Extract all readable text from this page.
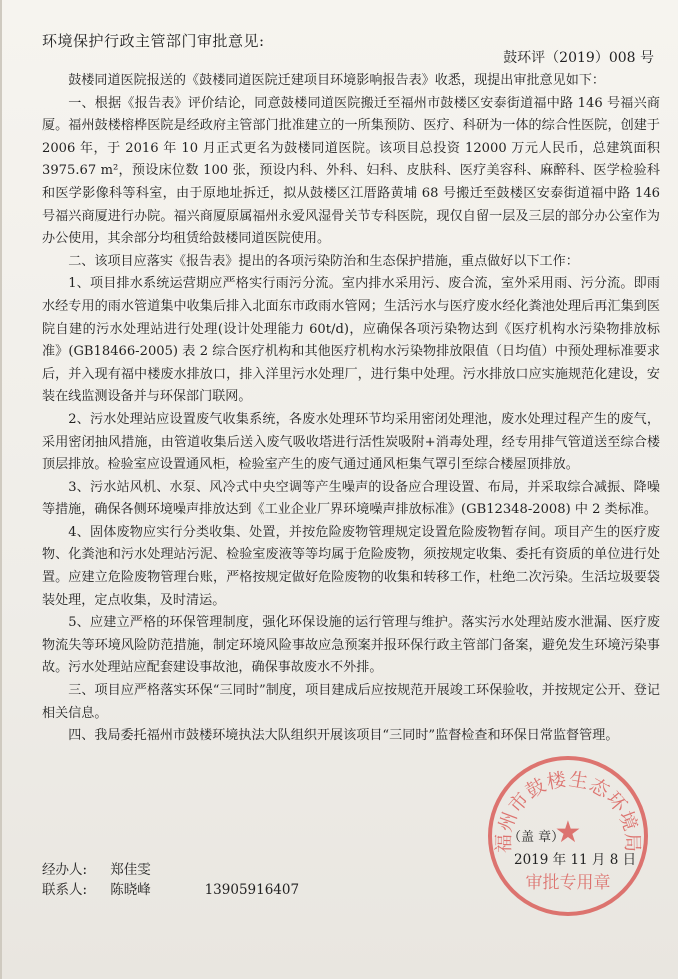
环境保护行政主管部门审批意见:
鼓环评（2019）008 号

鼓楼同道医院报送的《鼓楼同道医院迁建项目环境影响报告表》收悉，现提出审批意见如下：

一、根据《报告表》评价结论，同意鼓楼同道医院搬迁至福州市鼓楼区安泰街道福中路 146 号福兴商厦。福州鼓楼榕桦医院是经政府主管部门批准建立的一所集预防、医疗、科研为一体的综合性医院，创建于 2006 年，于 2016 年 10 月正式更名为鼓楼同道医院。该项目总投资 12000 万元人民币，总建筑面积 3975.67 m²，预设床位数 100 张，预设内科、外科、妇科、皮肤科、医疗美容科、麻醉科、医学检验科和医学影像科等科室，由于原地址拆迁，拟从鼓楼区江厝路黄埔 68 号搬迁至鼓楼区安泰街道福中路 146 号福兴商厦进行办院。福兴商厦原属福州永爱风湿骨关节专科医院，现仅自留一层及三层的部分办公室作为办公使用，其余部分均租赁给鼓楼同道医院使用。

二、该项目应落实《报告表》提出的各项污染防治和生态保护措施，重点做好以下工作：

1、项目排水系统运营期应严格实行雨污分流。室内排水采用污、废合流，室外采用雨、污分流。即雨水经专用的雨水管道集中收集后排入北面东市政雨水管网；生活污水与医疗废水经化粪池处理后再汇集到医院自建的污水处理站进行处理(设计处理能力 60t/d)，应确保各项污染物达到《医疗机构水污染物排放标准》(GB18466-2005) 表 2 综合医疗机构和其他医疗机构水污染物排放限值（日均值）中预处理标准要求后，并入现有福中楼废水排放口，排入洋里污水处理厂，进行集中处理。污水排放口应实施规范化建设，安装在线监测设备并与环保部门联网。

2、污水处理站应设置废气收集系统，各废水处理环节均采用密闭处理池，废水处理过程产生的废气，采用密闭抽风措施，由管道收集后送入废气吸收塔进行活性炭吸附+消毒处理，经专用排气管道送至综合楼顶层排放。检验室应设置通风柜，检验室产生的废气通过通风柜集气罩引至综合楼屋顶排放。

3、污水站风机、水泵、风冷式中央空调等产生噪声的设备应合理设置、布局，并采取综合减振、降噪等措施，确保各侧环境噪声排放达到《工业企业厂界环境噪声排放标准》(GB12348-2008) 中 2 类标准。

4、固体废物应实行分类收集、处置，并按危险废物管理规定设置危险废物暂存间。项目产生的医疗废物、化粪池和污水处理站污泥、检验室废液等等均属于危险废物，须按规定收集、委托有资质的单位进行处置。应建立危险废物管理台账，严格按规定做好危险废物的收集和转移工作，杜绝二次污染。生活垃圾要袋装处理，定点收集，及时清运。

5、应建立严格的环保管理制度，强化环保设施的运行管理与维护。落实污水处理站废水泄漏、医疗废物流失等环境风险防范措施，制定环境风险事故应急预案并报环保行政主管部门备案，避免发生环境污染事故。污水处理站应配套建设事故池，确保事故废水不外排。

三、项目应严格落实环保“三同时”制度，项目建成后应按规范开展竣工环保验收，并按规定公开、登记相关信息。

四、我局委托福州市鼓楼环境执法大队组织开展该项目“三同时”监督检查和环保日常监督管理。

福州市鼓楼生态环境局
★
审批专用章
（盖 章）
2019 年 11 月 8 日
经办人: 郑佳雯
联系人: 陈晓峰	13905916407
